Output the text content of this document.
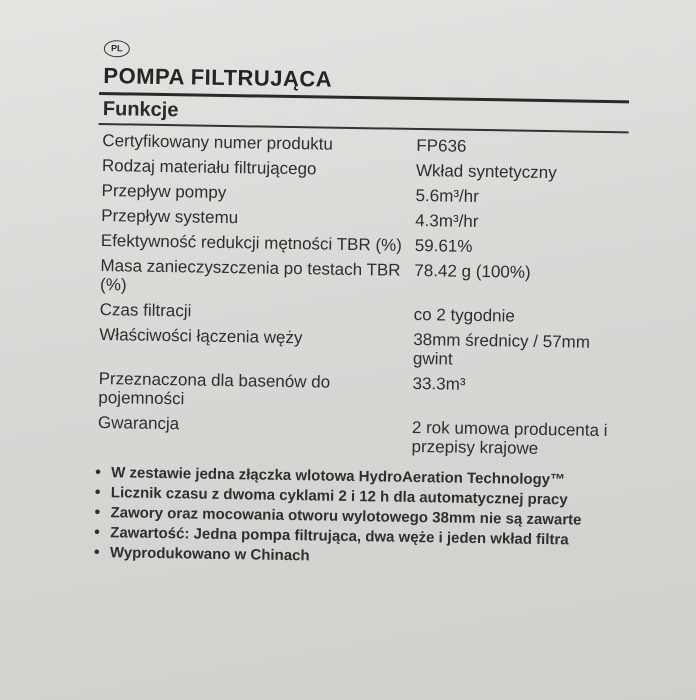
PL
POMPA FILTRUJĄCA
Funkcje
Certyfikowany numer produktu	FP636
Rodzaj materiału filtrującego	Wkład syntetyczny
Przepływ pompy	5.6m³/hr
Przepływ systemu	4.3m³/hr
Efektywność redukcji mętności TBR (%)	59.61%
Masa zanieczyszczenia po testach TBR (%)	78.42 g (100%)
Czas filtracji	co 2 tygodnie
Właściwości łączenia węży	38mm średnicy / 57mm gwint
Przeznaczona dla basenów do pojemności	33.3m³
Gwarancja	2 rok umowa producenta i przepisy krajowe
• W zestawie jedna złączka wlotowa HydroAeration Technology™
• Licznik czasu z dwoma cyklami 2 i 12 h dla automatycznej pracy
• Zawory oraz mocowania otworu wylotowego 38mm nie są zawarte
• Zawartość: Jedna pompa filtrująca, dwa węże i jeden wkład filtra
• Wyprodukowano w Chinach
